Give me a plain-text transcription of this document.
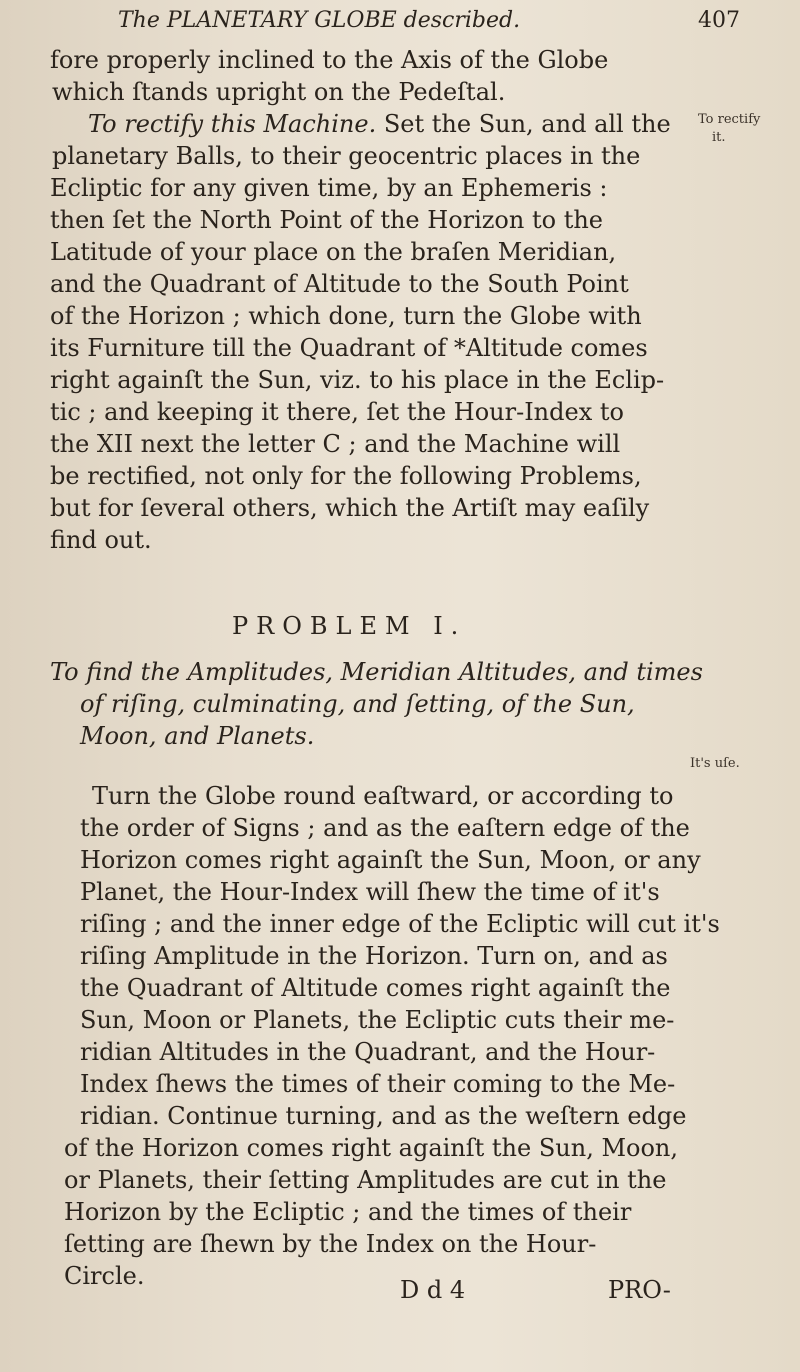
The PLANETARY GLOBE described.	407
fore properly inclined to the Axis of the Globe
which ſtands upright on the Pedeſtal.
To rectify this Machine. Set the Sun, and all the
planetary Balls, to their geocentric places in the
Ecliptic for any given time, by an Ephemeris :
then ſet the North Point of the Horizon to the
Latitude of your place on the braſen Meridian,
and the Quadrant of Altitude to the South Point
of the Horizon ; which done, turn the Globe with
its Furniture till the Quadrant of *Altitude comes
right againſt the Sun, viz. to his place in the Eclip-
tic ; and keeping it there, ſet the Hour-Index to
the XII next the letter C ; and the Machine will
be rectified, not only for the following Problems,
but for ſeveral others, which the Artiſt may eaſily
find out.
To rectify
it.
It's uſe.
PROBLEM I.
To find the Amplitudes, Meridian Altitudes, and times
of riſing, culminating, and ſetting, of the Sun,
Moon, and Planets.
Turn the Globe round eaſtward, or according to
the order of Signs ; and as the eaſtern edge of the
Horizon comes right againſt the Sun, Moon, or any
Planet, the Hour-Index will ſhew the time of it's
riſing ; and the inner edge of the Ecliptic will cut it's
riſing Amplitude in the Horizon. Turn on, and as
the Quadrant of Altitude comes right againſt the
Sun, Moon or Planets, the Ecliptic cuts their me-
ridian Altitudes in the Quadrant, and the Hour-
Index ſhews the times of their coming to the Me-
ridian. Continue turning, and as the weſtern edge
of the Horizon comes right againſt the Sun, Moon,
or Planets, their ſetting Amplitudes are cut in the
Horizon by the Ecliptic ; and the times of their
ſetting are ſhewn by the Index on the Hour-
Circle.	D d 4	PRO-
